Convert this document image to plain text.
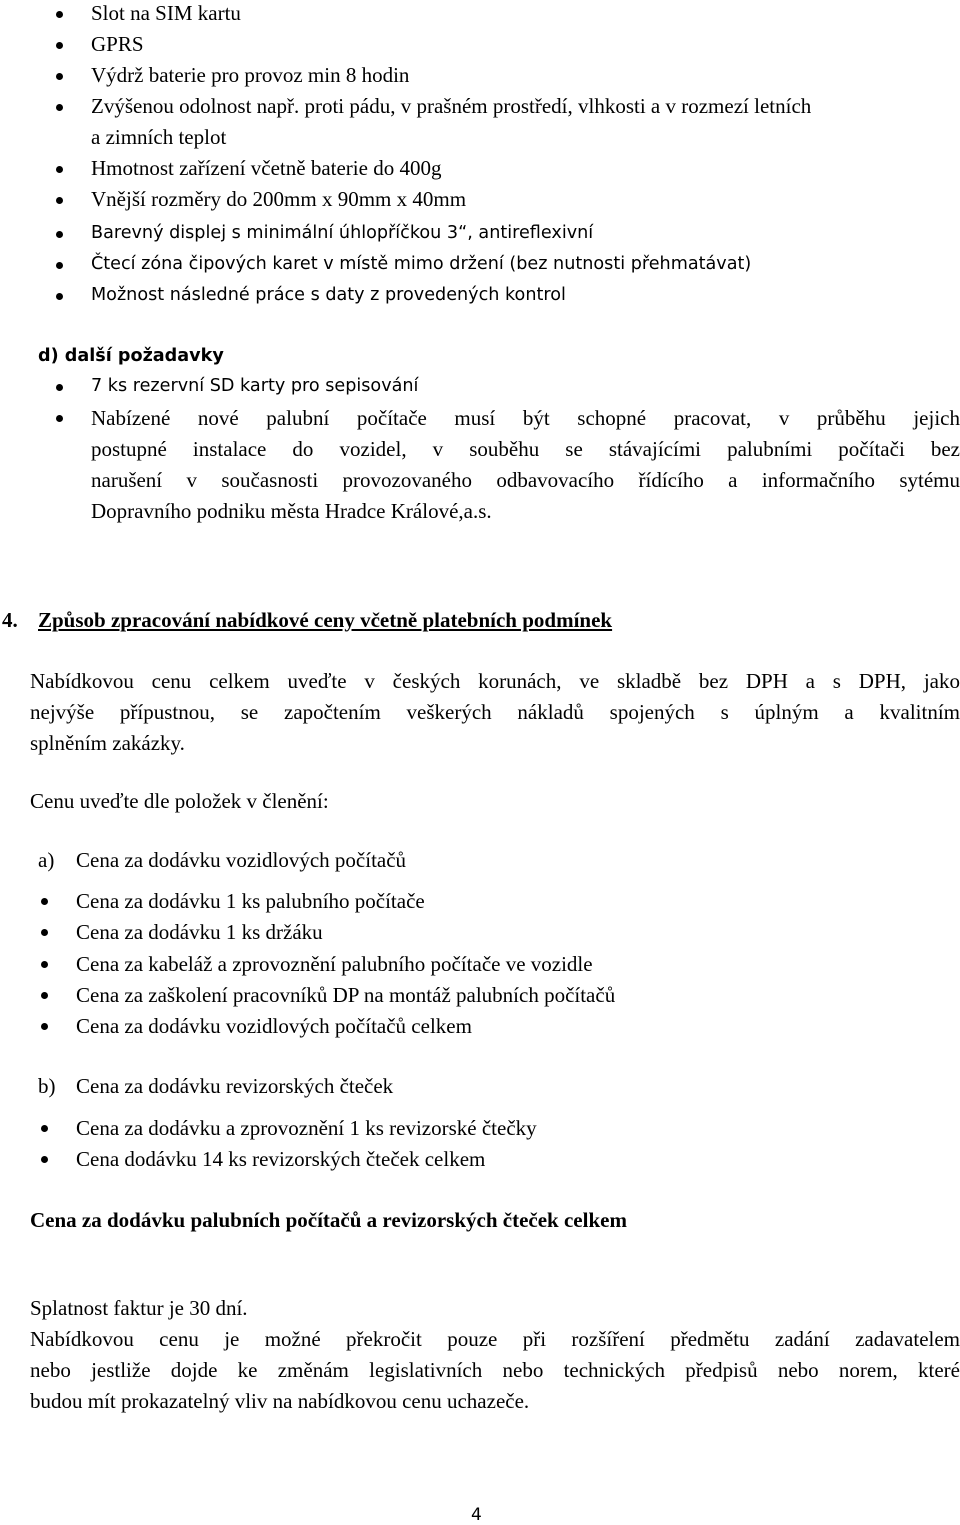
Slot na SIM kartu
GPRS
Výdrž baterie pro provoz min 8 hodin
Zvýšenou odolnost např. proti pádu, v prašném prostředí, vlhkosti a v rozmezí letních
a zimních teplot
Hmotnost zařízení včetně baterie do 400g
Vnější rozměry do 200mm x 90mm x 40mm
Barevný displej s minimální úhlopříčkou 3“, antireflexivní
Čtecí zóna čipových karet v místě mimo držení (bez nutnosti přehmatávat)
Možnost následné práce s daty z provedených kontrol
d) další požadavky
7 ks rezervní SD karty pro sepisování
Nabízené nové palubní počítače musí být schopné pracovat, v průběhu jejich
postupné instalace do vozidel, v souběhu se stávajícími palubními počítači bez
narušení v současnosti provozovaného odbavovacího řídícího a informačního sytému
Dopravního podniku města Hradce Králové,a.s.
4. Způsob zpracování nabídkové ceny včetně platebních podmínek
Nabídkovou cenu celkem uveďte v českých korunách, ve skladbě bez DPH a s DPH, jako
nejvýše přípustnou, se započtením veškerých nákladů spojených s úplným a kvalitním
splněním zakázky.
Cenu uveďte dle položek v členění:
a) Cena za dodávku vozidlových počítačů
Cena za dodávku 1 ks palubního počítače
Cena za dodávku 1 ks držáku
Cena za kabeláž a zprovoznění palubního počítače ve vozidle
Cena za zaškolení pracovníků DP na montáž palubních počítačů
Cena za dodávku vozidlových počítačů celkem
b) Cena za dodávku revizorských čteček
Cena za dodávku a zprovoznění 1 ks revizorské čtečky
Cena dodávku 14 ks revizorských čteček celkem
Cena za dodávku palubních počítačů a revizorských čteček celkem
Splatnost faktur je 30 dní.
Nabídkovou cenu je možné překročit pouze při rozšíření předmětu zadání zadavatelem
nebo jestliže dojde ke změnám legislativních nebo technických předpisů nebo norem, které
budou mít prokazatelný vliv na nabídkovou cenu uchazeče.
4
